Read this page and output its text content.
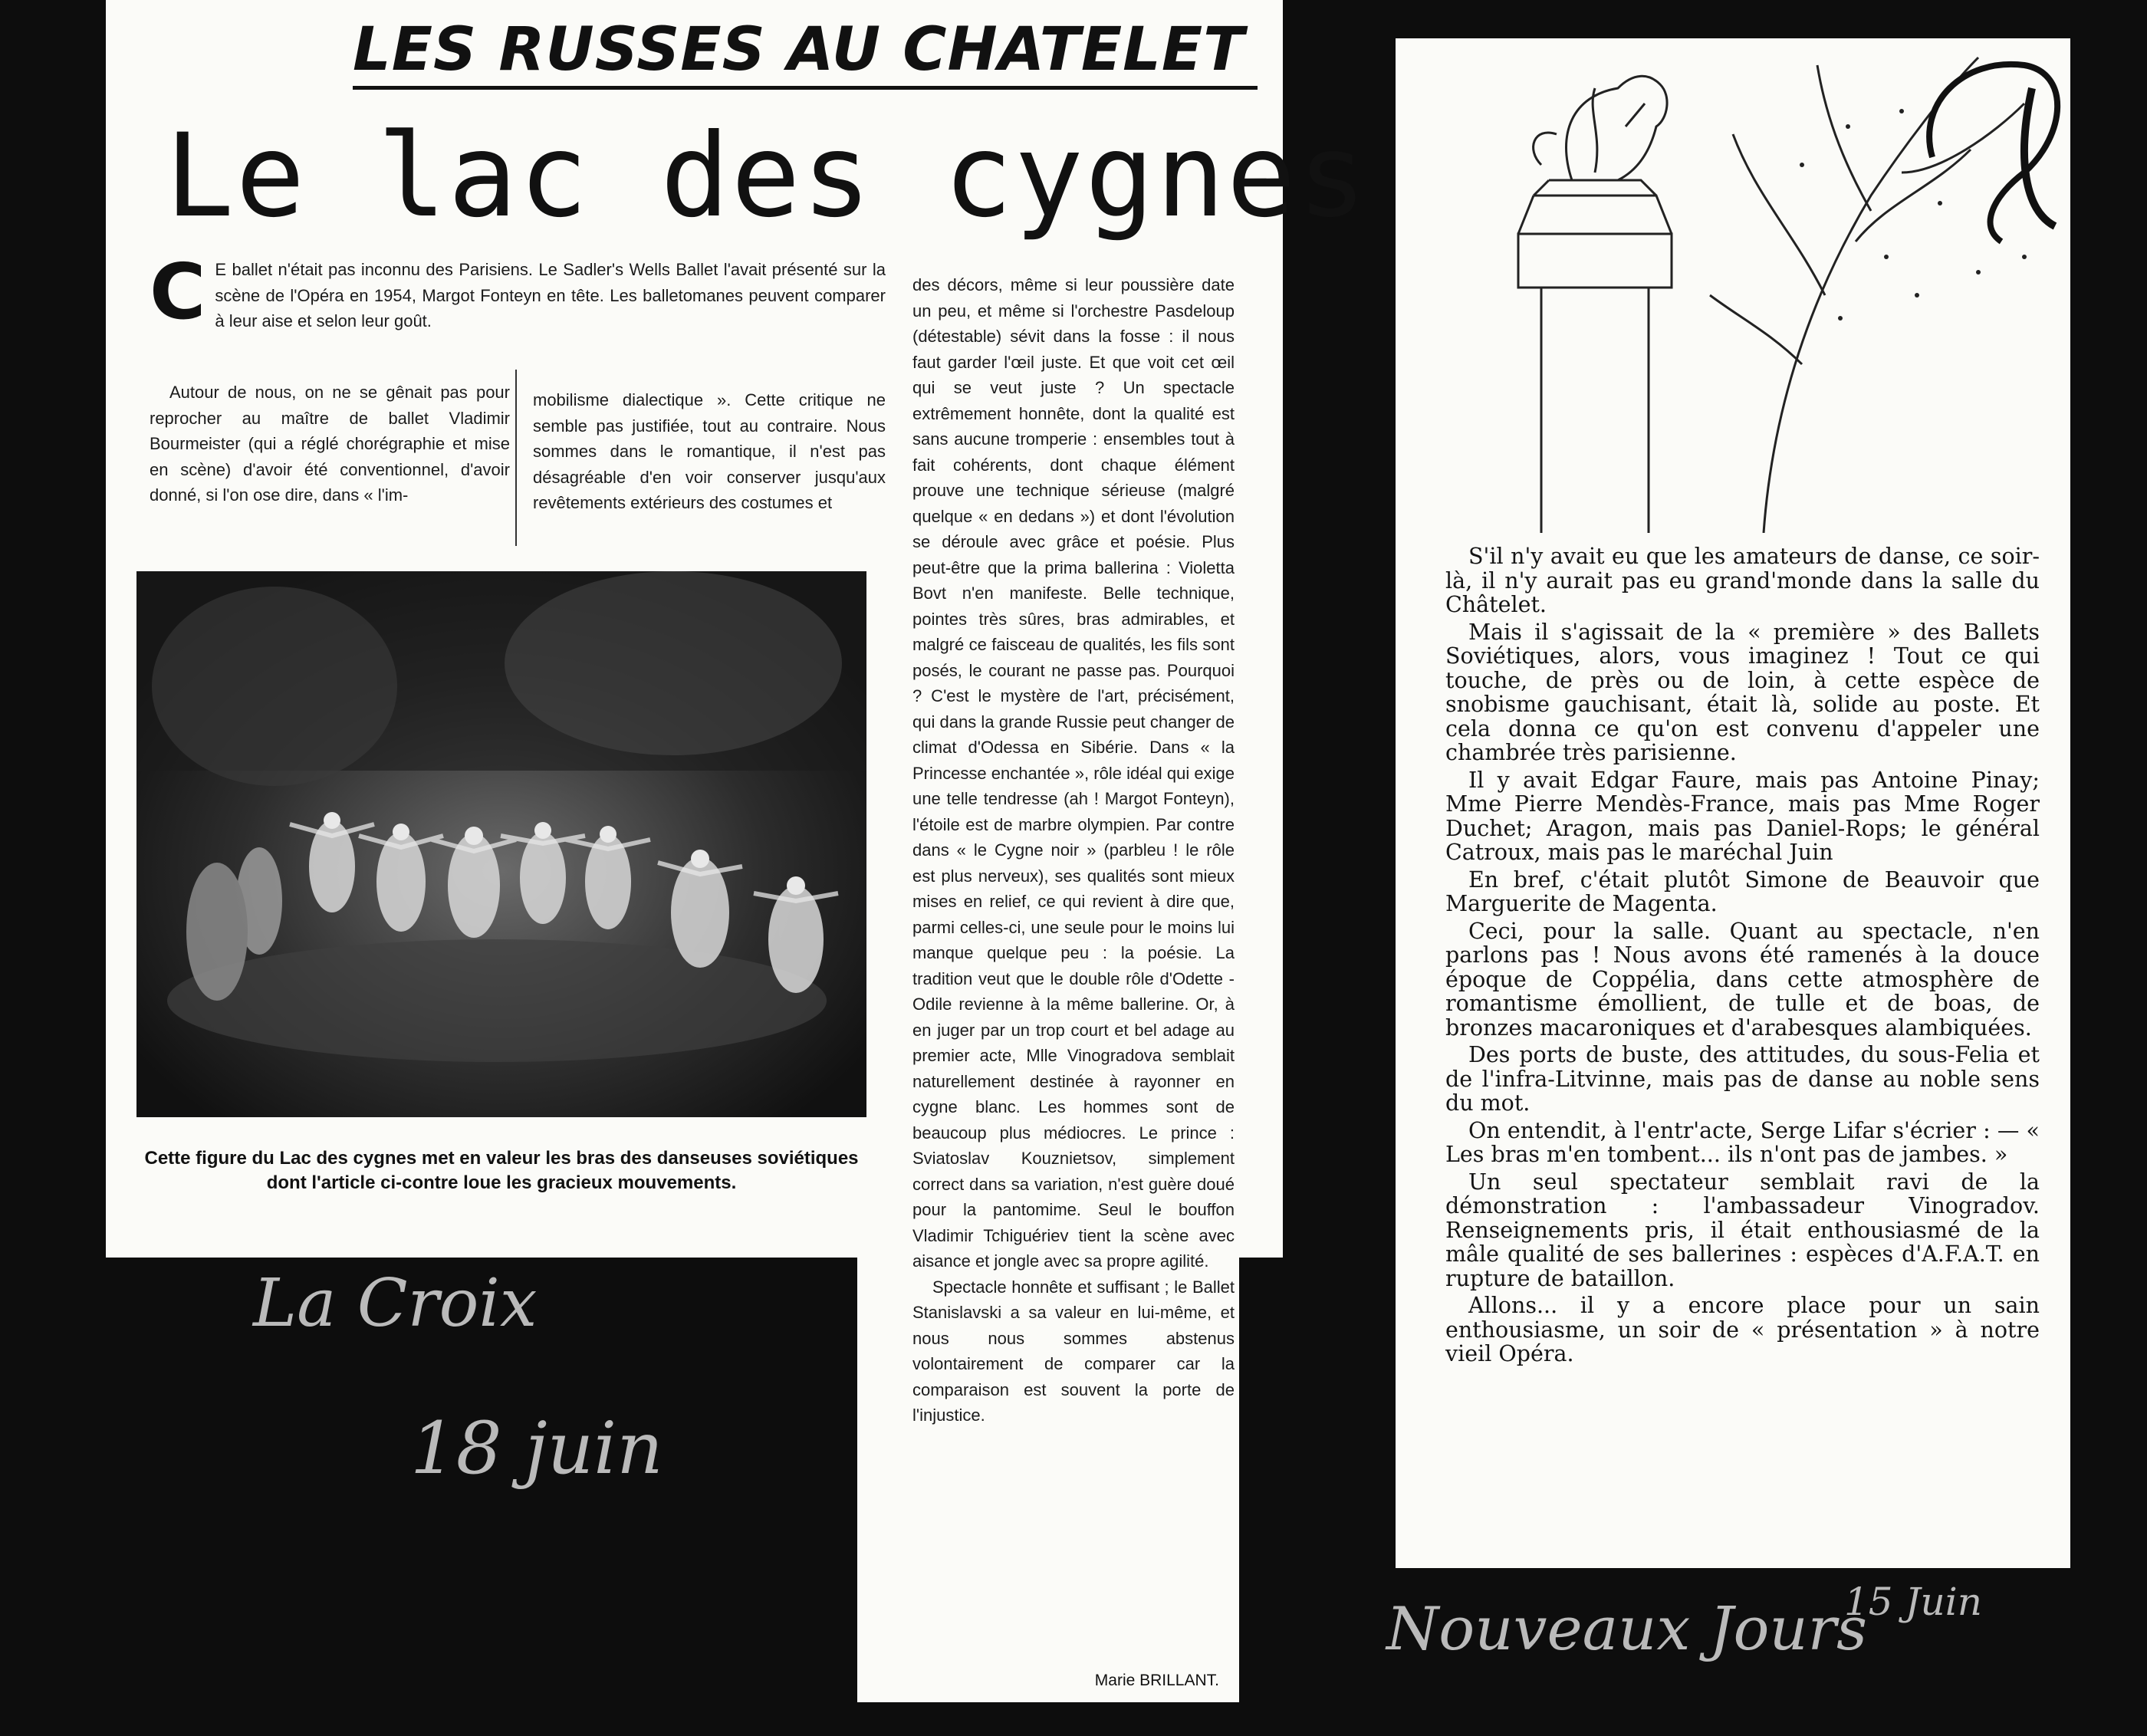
LES RUSSES AU CHATELET
Le lac des cygnes
C E ballet n'était pas inconnu des Parisiens. Le Sadler's Wells Ballet l'avait présenté sur la scène de l'Opéra en 1954, Margot Fonteyn en tête. Les balletomanes peuvent comparer à leur aise et selon leur goût.

Autour de nous, on ne se gênait pas pour reprocher au maître de ballet Vladimir Bourmeister (qui a réglé chorégraphie et mise en scène) d'avoir été conventionnel, d'avoir donné, si l'on ose dire, dans « l'im-

mobilisme dialectique ». Cette critique ne semble pas justifiée, tout au contraire. Nous sommes dans le romantique, il n'est pas désagréable d'en voir conserver jusqu'aux revêtements extérieurs des costumes et

des décors, même si leur poussière date un peu, et même si l'orchestre Pasdeloup (détestable) sévit dans la fosse : il nous faut garder l'œil juste. Et que voit cet œil qui se veut juste ? Un spectacle extrêmement honnête, dont la qualité est sans aucune tromperie : ensembles tout à fait cohérents, dont chaque élément prouve une technique sérieuse (malgré quelque « en dedans ») et dont l'évolution se déroule avec grâce et poésie. Plus peut-être que la prima ballerina : Violetta Bovt n'en manifeste. Belle technique, pointes très sûres, bras admirables, et malgré ce faisceau de qualités, les fils sont posés, le courant ne passe pas. Pourquoi ? C'est le mystère de l'art, précisément, qui dans la grande Russie peut changer de climat d'Odessa en Sibérie. Dans « la Princesse enchantée », rôle idéal qui exige une telle tendresse (ah ! Margot Fonteyn), l'étoile est de marbre olympien. Par contre dans « le Cygne noir » (parbleu ! le rôle est plus nerveux), ses qualités sont mieux mises en relief, ce qui revient à dire que, parmi celles-ci, une seule pour le moins lui manque quelque peu : la poésie. La tradition veut que le double rôle d'Odette - Odile revienne à la même ballerine. Or, à en juger par un trop court et bel adage au premier acte, Mlle Vinogradova semblait naturellement destinée à rayonner en cygne blanc. Les hommes sont de beaucoup plus médiocres. Le prince : Sviatoslav Kouznietsov, simplement correct dans sa variation, n'est guère doué pour la pantomime. Seul le bouffon Vladimir Tchiguériev tient la scène avec aisance et jongle avec sa propre agilité.

Spectacle honnête et suffisant ; le Ballet Stanislavski a sa valeur en lui-même, et nous nous sommes abstenus volontairement de comparer car la comparaison est souvent la porte de l'injustice.

Cette figure du Lac des cygnes met en valeur les bras des danseuses soviétiques dont l'article ci-contre loue les gracieux mouvements.

Marie BRILLANT.
La Croix
18 juin

S'il n'y avait eu que les amateurs de danse, ce soir-là, il n'y aurait pas eu grand'monde dans la salle du Châtelet.

Mais il s'agissait de la « première » des Ballets Soviétiques, alors, vous imaginez ! Tout ce qui touche, de près ou de loin, à cette espèce de snobisme gauchisant, était là, solide au poste. Et cela donna ce qu'on est convenu d'appeler une chambrée très parisienne.

Il y avait Edgar Faure, mais pas Antoine Pinay; Mme Pierre Mendès-France, mais pas Mme Roger Duchet; Aragon, mais pas Daniel-Rops; le général Catroux, mais pas le maréchal Juin

En bref, c'était plutôt Simone de Beauvoir que Marguerite de Magenta.

Ceci, pour la salle. Quant au spectacle, n'en parlons pas ! Nous avons été ramenés à la douce époque de Coppélia, dans cette atmosphère de romantisme émollient, de tulle et de boas, de bronzes macaroniques et d'arabesques alambiquées.

Des ports de buste, des attitudes, du sous-Felia et de l'infra-Litvinne, mais pas de danse au noble sens du mot.

On entendit, à l'entr'acte, Serge Lifar s'écrier : — « Les bras m'en tombent... ils n'ont pas de jambes. »

Un seul spectateur semblait ravi de la démonstration : l'ambassadeur Vinogradov. Renseignements pris, il était enthousiasmé de la mâle qualité de ses ballerines : espèces d'A.F.A.T. en rupture de bataillon.

Allons... il y a encore place pour un sain enthousiasme, un soir de « présentation » à notre vieil Opéra.

Nouveaux Jours
15 Juin
